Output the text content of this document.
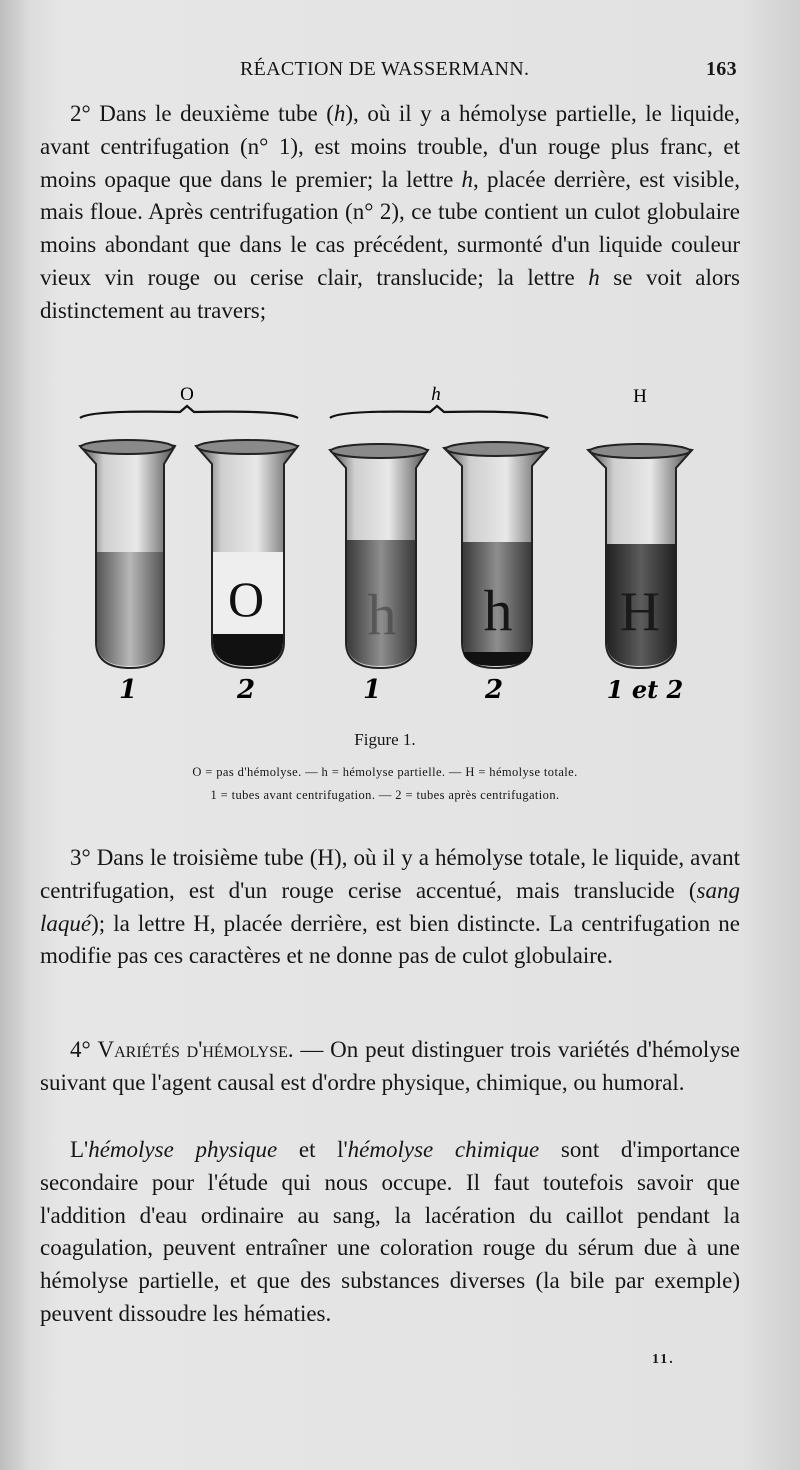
RÉACTION DE WASSERMANN.	163

2° Dans le deuxième tube (h), où il y a hémolyse partielle, le liquide, avant centrifugation (n° 1), est moins trouble, d'un rouge plus franc, et moins opaque que dans le premier; la lettre h, placée derrière, est visible, mais floue. Après centrifugation (n° 2), ce tube contient un culot globulaire moins abondant que dans le cas précédent, surmonté d'un liquide couleur vieux vin rouge ou cerise clair, translucide; la lettre h se voit alors distinctement au travers;

O	h	H
O h h H
1	2	1	2	1 et 2
Figure 1.
O = pas d'hémolyse. — h = hémolyse partielle. — H = hémolyse totale.
1 = tubes avant centrifugation. — 2 = tubes après centrifugation.

3° Dans le troisième tube (H), où il y a hémolyse totale, le liquide, avant centrifugation, est d'un rouge cerise accentué, mais translucide (sang laqué); la lettre H, placée derrière, est bien distincte. La centrifugation ne modifie pas ces caractères et ne donne pas de culot globulaire.

4° Variétés d'hémolyse. — On peut distinguer trois variétés d'hémolyse suivant que l'agent causal est d'ordre physique, chimique, ou humoral.

L'hémolyse physique et l'hémolyse chimique sont d'importance secondaire pour l'étude qui nous occupe. Il faut toutefois savoir que l'addition d'eau ordinaire au sang, la lacération du caillot pendant la coagulation, peuvent entraîner une coloration rouge du sérum due à une hémolyse partielle, et que des substances diverses (la bile par exemple) peuvent dissoudre les hématies.

11.
